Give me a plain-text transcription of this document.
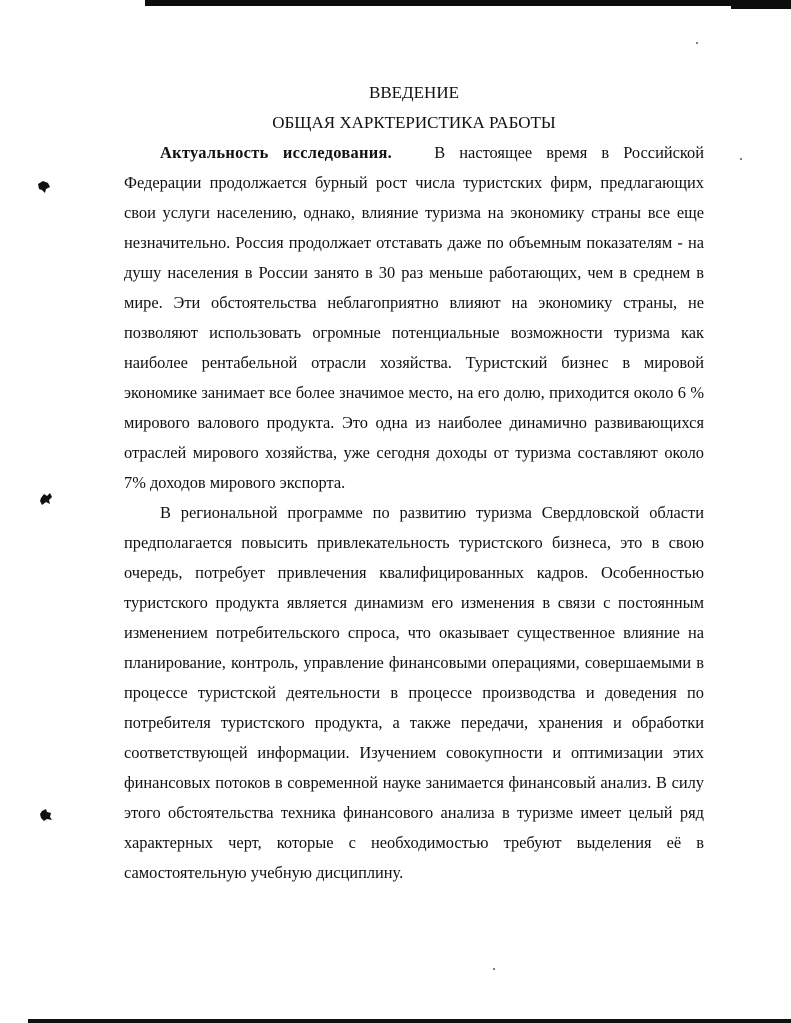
ВВЕДЕНИЕ
ОБЩАЯ ХАРКТЕРИСТИКА РАБОТЫ

Актуальность исследования.	В настоящее время в Российской Федерации продолжается бурный рост числа туристских фирм, предлагающих свои услуги населению, однако, влияние туризма на экономику страны все еще незначительно. Россия продолжает отставать даже по объемным показателям - на душу населения в России занято в 30 раз меньше работающих, чем в среднем в мире. Эти обстоятельства неблагоприятно влияют на экономику страны, не позволяют использовать огромные потенциальные возможности туризма как наиболее рентабельной отрасли хозяйства. Туристский бизнес в мировой экономике занимает все более значимое место, на его долю, приходится около 6 % мирового валового продукта. Это одна из наиболее динамично развивающихся отраслей мирового хозяйства, уже сегодня доходы от туризма составляют около 7% доходов мирового экспорта.

В региональной программе по развитию туризма Свердловской области предполагается повысить привлекательность туристского бизнеса, это в свою очередь, потребует привлечения квалифицированных кадров. Особенностью туристского продукта является динамизм его изменения в связи с постоянным изменением потребительского спроса, что оказывает существенное влияние на планирование, контроль, управление финансовыми операциями, совершаемыми в процессе туристской деятельности в процессе производства и доведения по потребителя туристского продукта, а также передачи, хранения и обработки соответствующей информации. Изучением совокупности и оптимизации этих финансовых потоков в современной науке занимается финансовый анализ. В силу этого обстоятельства техника финансового анализа в туризме имеет целый ряд характерных черт, которые с необходимостью требуют выделения её в самостоятельную учебную дисциплину.
